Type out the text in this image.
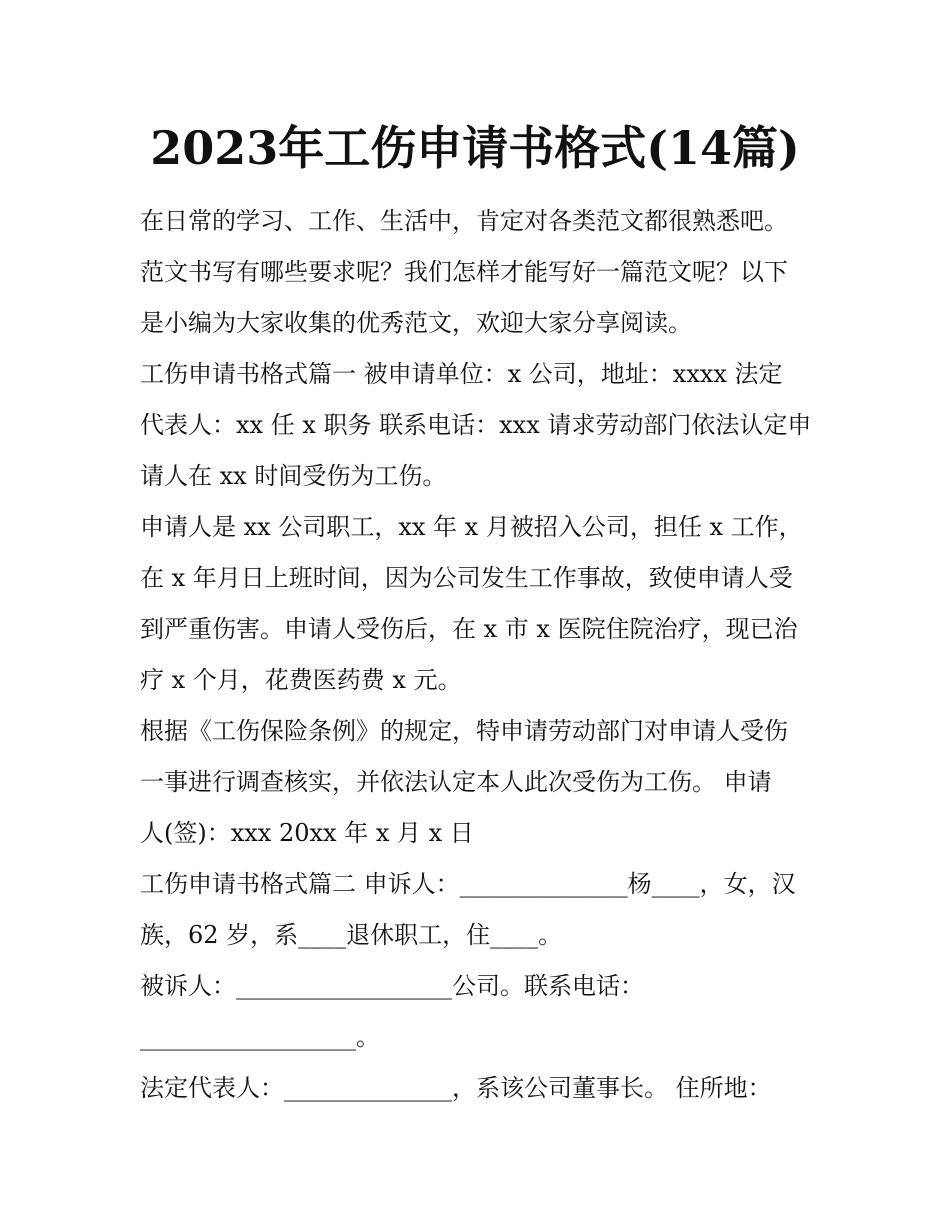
2023年工伤申请书格式(14篇)
在日常的学习、工作、生活中，肯定对各类范文都很熟悉吧。
范文书写有哪些要求呢？我们怎样才能写好一篇范文呢？以下
是小编为大家收集的优秀范文，欢迎大家分享阅读。
工伤申请书格式篇一 被申请单位：x 公司，地址：xxxx 法定
代表人：xx 任 x 职务 联系电话：xxx 请求劳动部门依法认定申
请人在 xx 时间受伤为工伤。
申请人是 xx 公司职工，xx 年 x 月被招入公司，担任 x 工作，
在 x 年月日上班时间，因为公司发生工作事故，致使申请人受
到严重伤害。申请人受伤后，在 x 市 x 医院住院治疗，现已治
疗 x 个月，花费医药费 x 元。
根据《工伤保险条例》的规定，特申请劳动部门对申请人受伤
一事进行调查核实，并依法认定本人此次受伤为工伤。 申请
人(签)：xxx 20xx 年 x 月 x 日
工伤申请书格式篇二 申诉人：______________杨____，女，汉
族，62 岁，系____退休职工，住____。
被诉人：__________________公司。联系电话：
__________________。
法定代表人：______________，系该公司董事长。 住所地：
